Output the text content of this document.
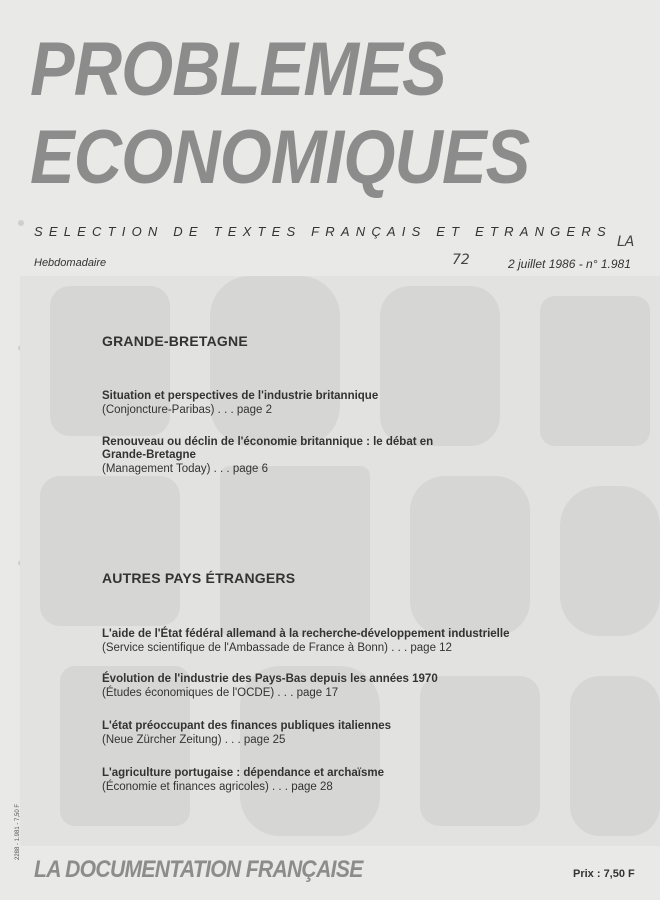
PROBLEMES
ECONOMIQUES
SELECTION DE TEXTES FRANÇAIS ET ETRANGERS
Hebdomadaire	72
LA
2 juillet 1986 - n° 1.981
GRANDE-BRETAGNE
Situation et perspectives de l'industrie britannique
(Conjoncture-Paribas) . . . page 2
Renouveau ou déclin de l'économie britannique : le débat en Grande-Bretagne
(Management Today) . . . page 6
AUTRES PAYS ÉTRANGERS
L'aide de l'État fédéral allemand à la recherche-développement industrielle
(Service scientifique de l'Ambassade de France à Bonn) . . . page 12
Évolution de l'industrie des Pays-Bas depuis les années 1970
(Études économiques de l'OCDE) . . . page 17
L'état préoccupant des finances publiques italiennes
(Neue Zürcher Zeitung) . . . page 25
L'agriculture portugaise : dépendance et archaïsme
(Économie et finances agricoles) . . . page 28
2288 - 1.981 - 7,50 F
LA DOCUMENTATION FRANÇAISE	Prix : 7,50 F
